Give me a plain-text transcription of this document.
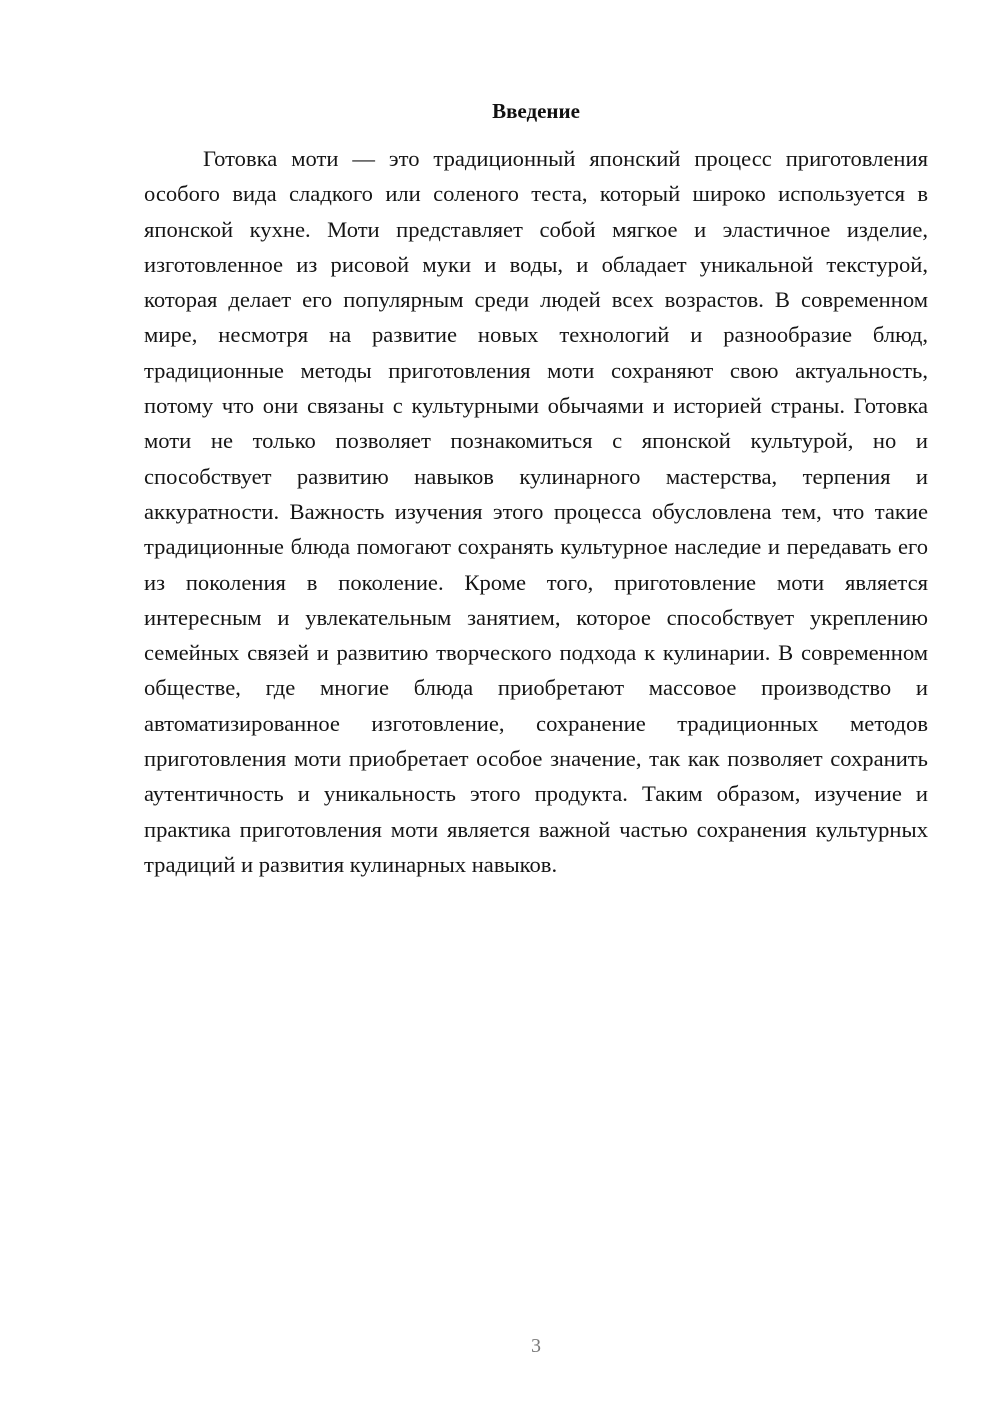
Введение

Готовка моти — это традиционный японский процесс приготовления особого вида сладкого или соленого теста, который широко используется в японской кухне. Моти представляет собой мягкое и эластичное изделие, изготовленное из рисовой муки и воды, и обладает уникальной текстурой, которая делает его популярным среди людей всех возрастов. В современном мире, несмотря на развитие новых технологий и разнообразие блюд, традиционные методы приготовления моти сохраняют свою актуальность, потому что они связаны с культурными обычаями и историей страны. Готовка моти не только позволяет познакомиться с японской культурой, но и способствует развитию навыков кулинарного мастерства, терпения и аккуратности. Важность изучения этого процесса обусловлена тем, что такие традиционные блюда помогают сохранять культурное наследие и передавать его из поколения в поколение. Кроме того, приготовление моти является интересным и увлекательным занятием, которое способствует укреплению семейных связей и развитию творческого подхода к кулинарии. В современном обществе, где многие блюда приобретают массовое производство и автоматизированное изготовление, сохранение традиционных методов приготовления моти приобретает особое значение, так как позволяет сохранить аутентичность и уникальность этого продукта. Таким образом, изучение и практика приготовления моти является важной частью сохранения культурных традиций и развития кулинарных навыков.

3
